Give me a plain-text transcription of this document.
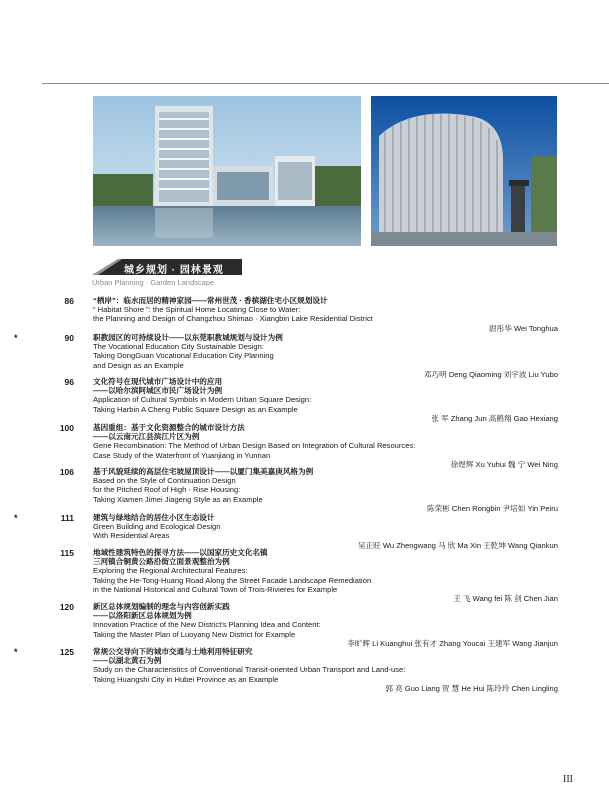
城乡规划 · 园林景观
Urban Planning · Garden Landscape
86	“栖岸”：临水而居的精神家园——常州世茂 · 香槟湖住宅小区规划设计
“ Habitat Shore ”: the Spiritual Home Locating Close to Water:
the Planning and Design of Changzhou Shimao · Xiangbin Lake Residential District
尉彤华 Wei Tonghua
*	90	职教园区的可持续设计——以东莞职教城规划与设计为例
The Vocational Education City Sustainable Design:
Taking DongGuan Vocational Education City Planning
and Design as an Example
邓巧明 Deng Qiaoming 刘宇波 Liu Yubo
96	文化符号在现代城市广场设计中的应用
——以哈尔滨阿城区市民广场设计为例
Application of Cultural Symbols in Modern Urban Square Design:
Taking Harbin A Cheng Public Square Design as an Example
张 军 Zhang Jun 高鹤翔 Gao Hexiang
100	基因重组：基于文化资源整合的城市设计方法
——以云南元江县滨江片区为例
Gene Recombination: The Method of Urban Design Based on Integration of Cultural Resources:
Case Study of the Waterfront of Yuanjiang in Yunnan
徐煜辉 Xu Yuhui 魏 宁 Wei Ning
106	基于风貌延续的高层住宅坡屋顶设计——以厦门集美嘉庚风格为例
Based on the Style of Continuation Design
for the Pitched Roof of High - Rise Housing:
Taking Xiamen Jimei Jiageng Style as an Example
陈荣彬 Chen Rongbin 尹培如 Yin Peiru
*	111	建筑与绿地结合的居住小区生态设计
Green Building and Ecological Design
With Residential Areas
吴正旺 Wu Zhengwang 马 欣 Ma Xin 王乾坤 Wang Qiankun
115	地域性建筑特色的探寻方法——以国家历史文化名镇
三河镇合铜黄公路沿街立面景观整治为例
Exploring the Regional Architectural Features:
Taking the He-Tong-Huang Road Along the Street Facade Landscape Remediation
in the National Historical and Cultural Town of Trois-Rivieres for Example
王 飞 Wang fei 陈 剑 Chen Jian
120	新区总体规划编制的理念与内容创新实践
——以洛阳新区总体规划为例
Innovation Practice of the New District's Planning Idea and Content:
Taking the Master Plan of Luoyang New District for Example
李旷辉 Li Kuanghui 张有才 Zhang Youcai 王建军 Wang Jianjun
*	125	常规公交导向下的城市交通与土地利用特征研究
——以湖北黄石为例
Study on the Characteristics of Conventional Transit-oriented Urban Transport and Land-use:
Taking Huangshi City in Hubei Province as an Example
郭 亮 Guo Liang 贺 慧 He Hui 陈玲玲 Chen Lingling
III
